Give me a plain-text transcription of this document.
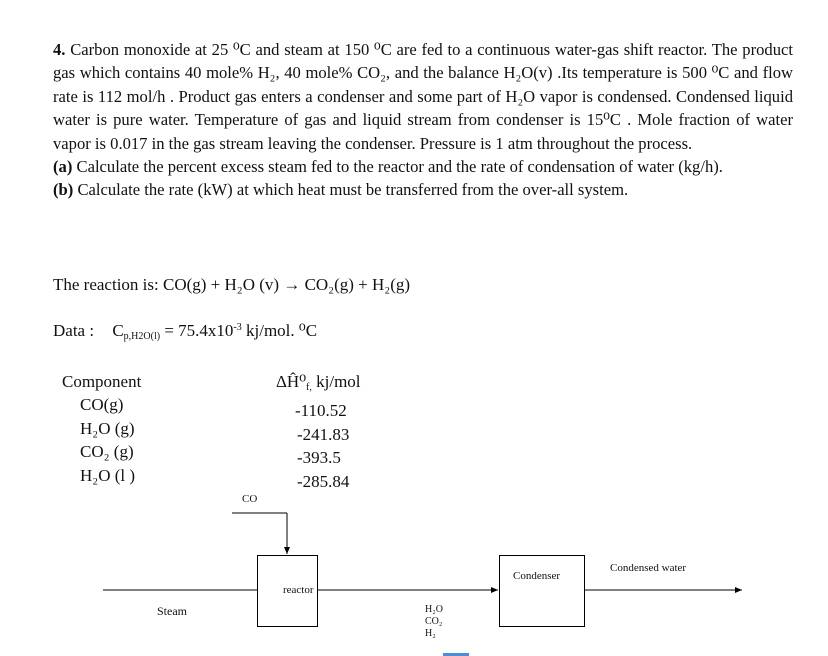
4. Carbon monoxide at 25 ⁰C and steam at 150 ⁰C are fed to a continuous water-gas shift reactor. The product gas which contains 40 mole% H₂, 40 mole% CO₂, and the balance H₂O(v) .Its temperature is 500 ⁰C and flow rate is 112 mol/h . Product gas enters a condenser and some part of H₂O vapor is condensed. Condensed liquid water is pure water. Temperature of gas and liquid stream from condenser is 15⁰C . Mole fraction of water vapor is 0.017 in the gas stream leaving the condenser. Pressure is 1 atm throughout the process.

(a) Calculate the percent excess steam fed to the reactor and the rate of condensation of water (kg/h).

(b) Calculate the rate (kW) at which heat must be transferred from the over-all system.

The reaction is: CO(g) + H₂O (v) → CO₂(g) + H₂(g)
Data : $Cp,H2O(l) = 75.4x10^{-3}$ kj/mol. ⁰C
Component
CO(g)
H₂O (g)
CO₂ (g)
H₂O (l )
ΔĤ⁰f, kj/mol
-110.52
-241.83
-393.5
-285.84
reactor
Condenser
CO
Steam	H₂O
CO₂
H₂
Condensed water
